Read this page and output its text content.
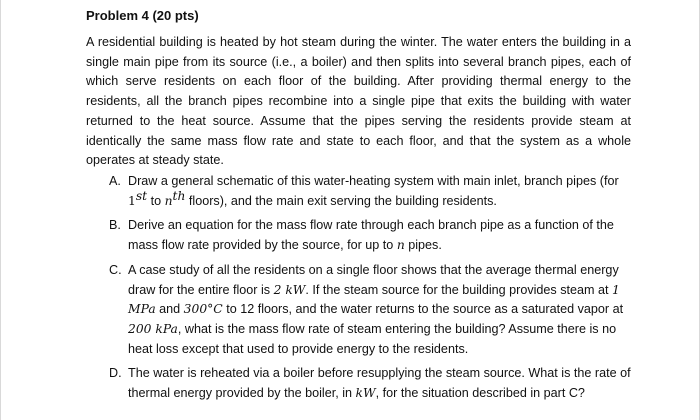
Problem 4 (20 pts)

A residential building is heated by hot steam during the winter. The water enters the building in a single main pipe from its source (i.e., a boiler) and then splits into several branch pipes, each of which serve residents on each floor of the building. After providing thermal energy to the residents, all the branch pipes recombine into a single pipe that exits the building with water returned to the heat source. Assume that the pipes serving the residents provide steam at identically the same mass flow rate and state to each floor, and that the system as a whole operates at steady state.

A. Draw a general schematic of this water-heating system with main inlet, branch pipes (for
1st to $n^{th}$ floors), and the main exit serving the building residents.
B. Derive an equation for the mass flow rate through each branch pipe as a function of the mass flow rate provided by the source, for up to n pipes.
C. A case study of all the residents on a single floor shows that the average thermal energy draw for the entire floor is 2 kW. If the steam source for the building provides steam at 1 MPa and 300°C to 12 floors, and the water returns to the source as a saturated vapor at 200 kPa, what is the mass flow rate of steam entering the building? Assume there is no heat loss except that used to provide energy to the residents.
D. The water is reheated via a boiler before resupplying the steam source. What is the rate of thermal energy provided by the boiler, in kW, for the situation described in part C?
